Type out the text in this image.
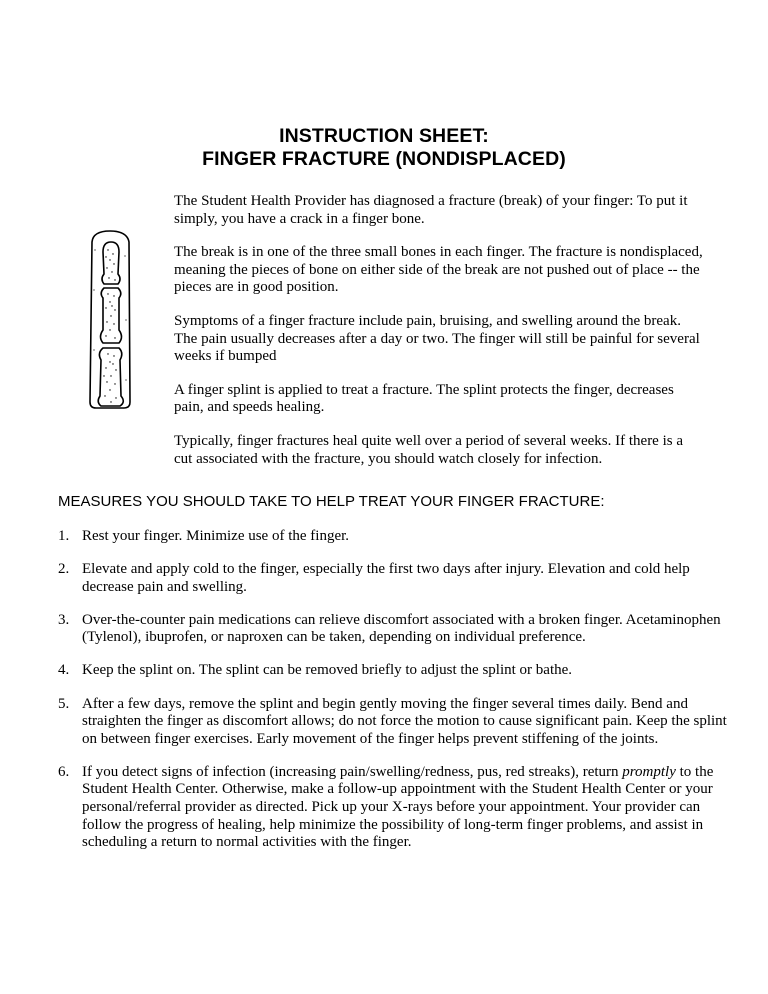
INSTRUCTION SHEET:
FINGER FRACTURE (NONDISPLACED)

The Student Health Provider has diagnosed a fracture (break) of your finger: To put it simply, you have a crack in a finger bone.

The break is in one of the three small bones in each finger. The fracture is nondisplaced, meaning the pieces of bone on either side of the break are not pushed out of place -- the pieces are in good position.

Symptoms of a finger fracture include pain, bruising, and swelling around the break. The pain usually decreases after a day or two. The finger will still be painful for several weeks if bumped

A finger splint is applied to treat a fracture. The splint protects the finger, decreases pain, and speeds healing.

Typically, finger fractures heal quite well over a period of several weeks. If there is a cut associated with the fracture, you should watch closely for infection.

MEASURES YOU SHOULD TAKE TO HELP TREAT YOUR FINGER FRACTURE:
1. Rest your finger. Minimize use of the finger.
2. Elevate and apply cold to the finger, especially the first two days after injury. Elevation and cold help decrease pain and swelling.
3. Over-the-counter pain medications can relieve discomfort associated with a broken finger. Acetaminophen (Tylenol), ibuprofen, or naproxen can be taken, depending on individual preference.
4. Keep the splint on. The splint can be removed briefly to adjust the splint or bathe.
5. After a few days, remove the splint and begin gently moving the finger several times daily. Bend and straighten the finger as discomfort allows; do not force the motion to cause significant pain. Keep the splint on between finger exercises. Early movement of the finger helps prevent stiffening of the joints.
6. If you detect signs of infection (increasing pain/swelling/redness, pus, red streaks), return promptly to the Student Health Center. Otherwise, make a follow-up appointment with the Student Health Center or your personal/referral provider as directed. Pick up your X-rays before your appointment. Your provider can follow the progress of healing, help minimize the possibility of long-term finger problems, and assist in scheduling a return to normal activities with the finger.
